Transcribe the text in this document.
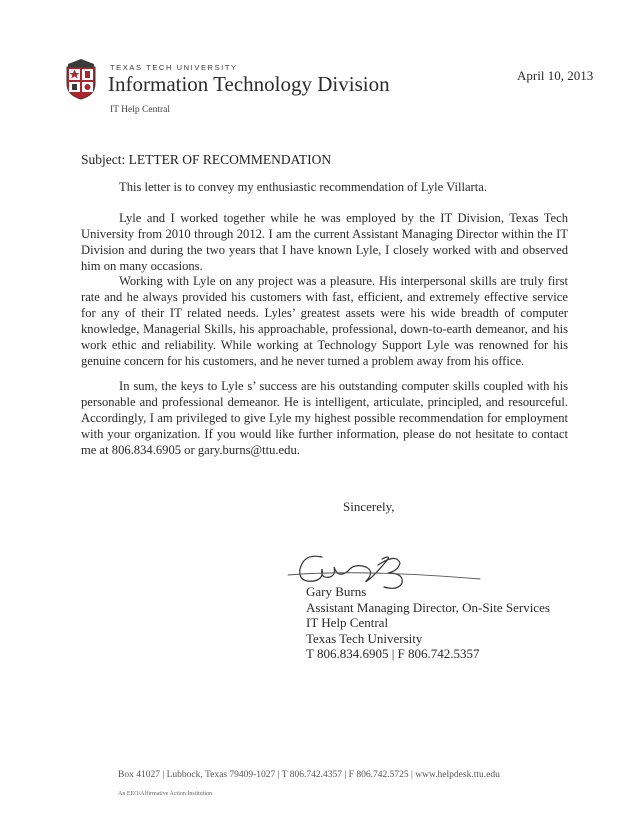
TEXAS TECH UNIVERSITY
Information Technology Division
IT Help Central
April 10, 2013
Subject: LETTER OF RECOMMENDATION

This letter is to convey my enthusiastic recommendation of Lyle Villarta.

Lyle and I worked together while he was employed by the IT Division, Texas Tech University from 2010 through 2012. I am the current Assistant Managing Director within the IT Division and during the two years that I have known Lyle, I closely worked with and observed him on many occasions.

Working with Lyle on any project was a pleasure. His interpersonal skills are truly first rate and he always provided his customers with fast, efficient, and extremely effective service for any of their IT related needs. Lyles’ greatest assets were his wide breadth of computer knowledge, Managerial Skills, his approachable, professional, down-to-earth demeanor, and his work ethic and reliability. While working at Technology Support Lyle was renowned for his genuine concern for his customers, and he never turned a problem away from his office.

In sum, the keys to Lyle s’ success are his outstanding computer skills coupled with his personable and professional demeanor. He is intelligent, articulate, principled, and resourceful. Accordingly, I am privileged to give Lyle my highest possible recommendation for employment with your organization. If you would like further information, please do not hesitate to contact me at 806.834.6905 or gary.burns@ttu.edu.

Sincerely,
Gary Burns
Assistant Managing Director, On-Site Services
IT Help Central
Texas Tech University
T 806.834.6905 | F 806.742.5357
Box 41027 | Lubbock, Texas 79409-1027 | T 806.742.4357 | F 806.742.5725 | www.helpdesk.ttu.edu
An EEO/Affirmative Action Institution
